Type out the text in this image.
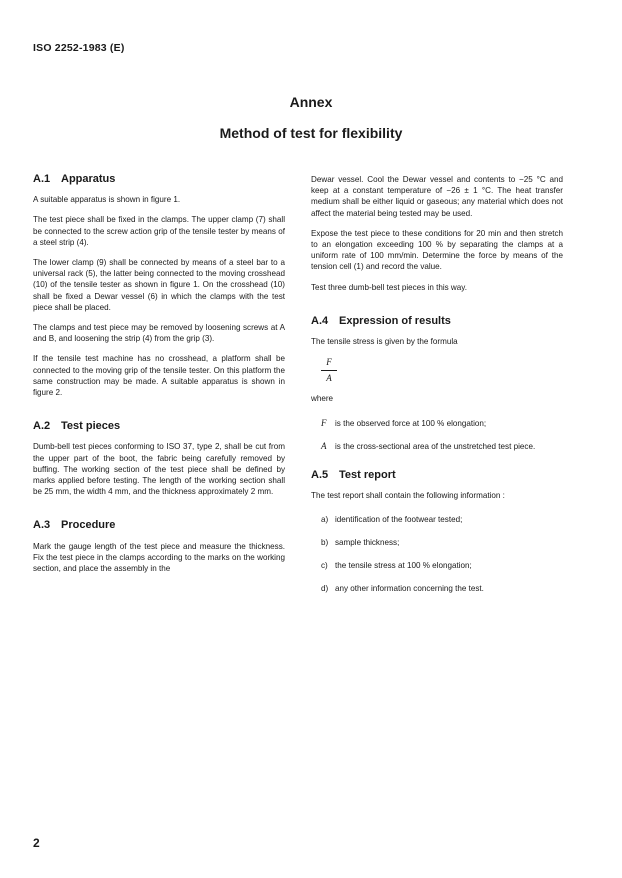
ISO 2252-1983 (E)
Annex
Method of test for flexibility
A.1 Apparatus

A suitable apparatus is shown in figure 1.

The test piece shall be fixed in the clamps. The upper clamp (7) shall be connected to the screw action grip of the tensile tester by means of a steel strip (4).

The lower clamp (9) shall be connected by means of a steel bar to a universal rack (5), the latter being connected to the moving crosshead (10) of the tensile tester as shown in figure 1. On the crosshead (10) shall be fixed a Dewar vessel (6) in which the clamps with the test piece shall be placed.

The clamps and test piece may be removed by loosening screws at A and B, and loosening the strip (4) from the grip (3).

If the tensile test machine has no crosshead, a platform shall be connected to the moving grip of the tensile tester. On this platform the same construction may be made. A suitable apparatus is shown in figure 2.

A.2 Test pieces

Dumb-bell test pieces conforming to ISO 37, type 2, shall be cut from the upper part of the boot, the fabric being carefully removed by buffing. The working section of the test piece shall be defined by marks applied before testing. The length of the working section shall be 25 mm, the width 4 mm, and the thickness approximately 2 mm.

A.3 Procedure

Mark the gauge length of the test piece and measure the thickness. Fix the test piece in the clamps according to the marks on the working section, and place the assembly in the

Dewar vessel. Cool the Dewar vessel and contents to −25 °C and keep at a constant temperature of −26 ± 1 °C. The heat transfer medium shall be either liquid or gaseous; any material which does not affect the material being tested may be used.

Expose the test piece to these conditions for 20 min and then stretch to an elongation exceeding 100 % by separating the clamps at a uniform rate of 100 mm/min. Determine the force by means of the tension cell (1) and record the value.

Test three dumb-bell test pieces in this way.

A.4 Expression of results

The tensile stress is given by the formula

F
A

where

F	is the observed force at 100 % elongation;
A	is the cross-sectional area of the unstretched test piece.
A.5 Test report

The test report shall contain the following information :

a) identification of the footwear tested;
b) sample thickness;
c) the tensile stress at 100 % elongation;
d) any other information concerning the test.
2
